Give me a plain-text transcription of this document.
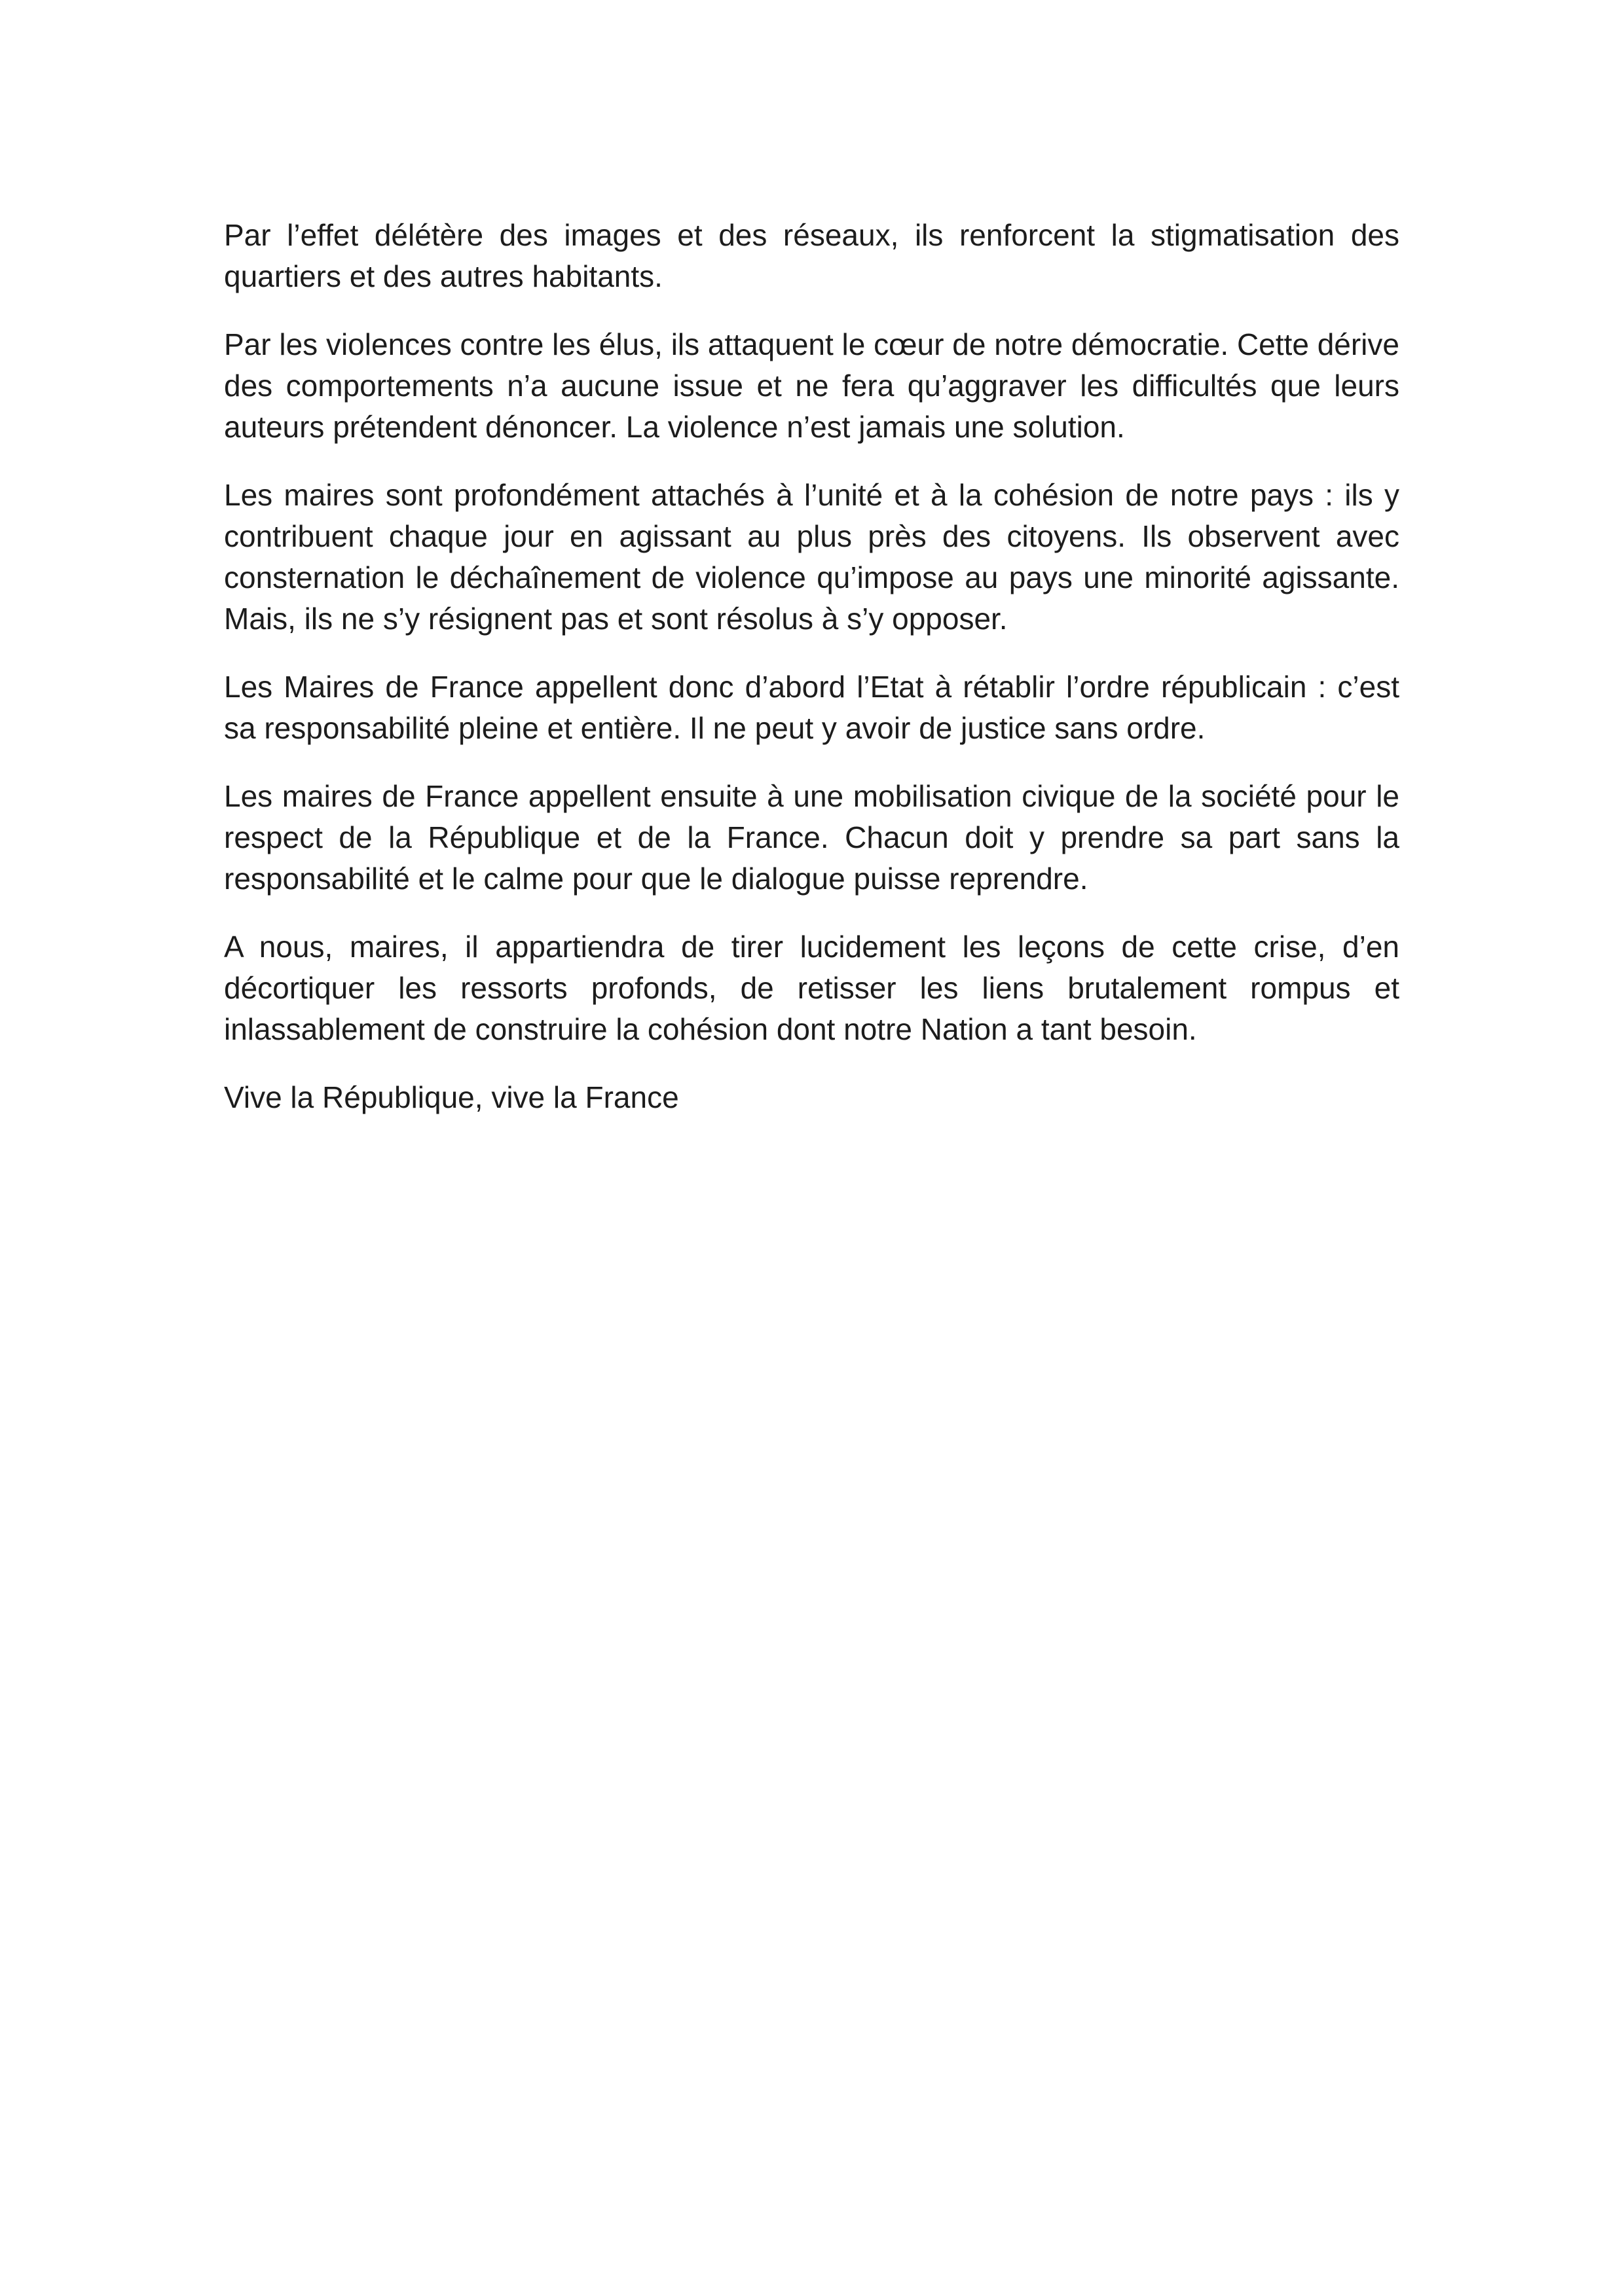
Par l’effet délétère des images et des réseaux, ils renforcent la stigmatisation des quartiers et des autres habitants.

Par les violences contre les élus, ils attaquent le cœur de notre démocratie. Cette dérive des comportements n’a aucune issue et ne fera qu’aggraver les difficultés que leurs auteurs prétendent dénoncer. La violence n’est jamais une solution.

Les maires sont profondément attachés à l’unité et à la cohésion de notre pays : ils y contribuent chaque jour en agissant au plus près des citoyens. Ils observent avec consternation le déchaînement de violence qu’impose au pays une minorité agissante. Mais, ils ne s’y résignent pas et sont résolus à s’y opposer.

Les Maires de France appellent donc d’abord l’Etat à rétablir l’ordre républicain : c’est sa responsabilité pleine et entière. Il ne peut y avoir de justice sans ordre.

Les maires de France appellent ensuite à une mobilisation civique de la société pour le respect de la République et de la France. Chacun doit y prendre sa part sans la responsabilité et le calme pour que le dialogue puisse reprendre.

A nous, maires, il appartiendra de tirer lucidement les leçons de cette crise, d’en décortiquer les ressorts profonds, de retisser les liens brutalement rompus et inlassablement de construire la cohésion dont notre Nation a tant besoin.

Vive la République, vive la France
